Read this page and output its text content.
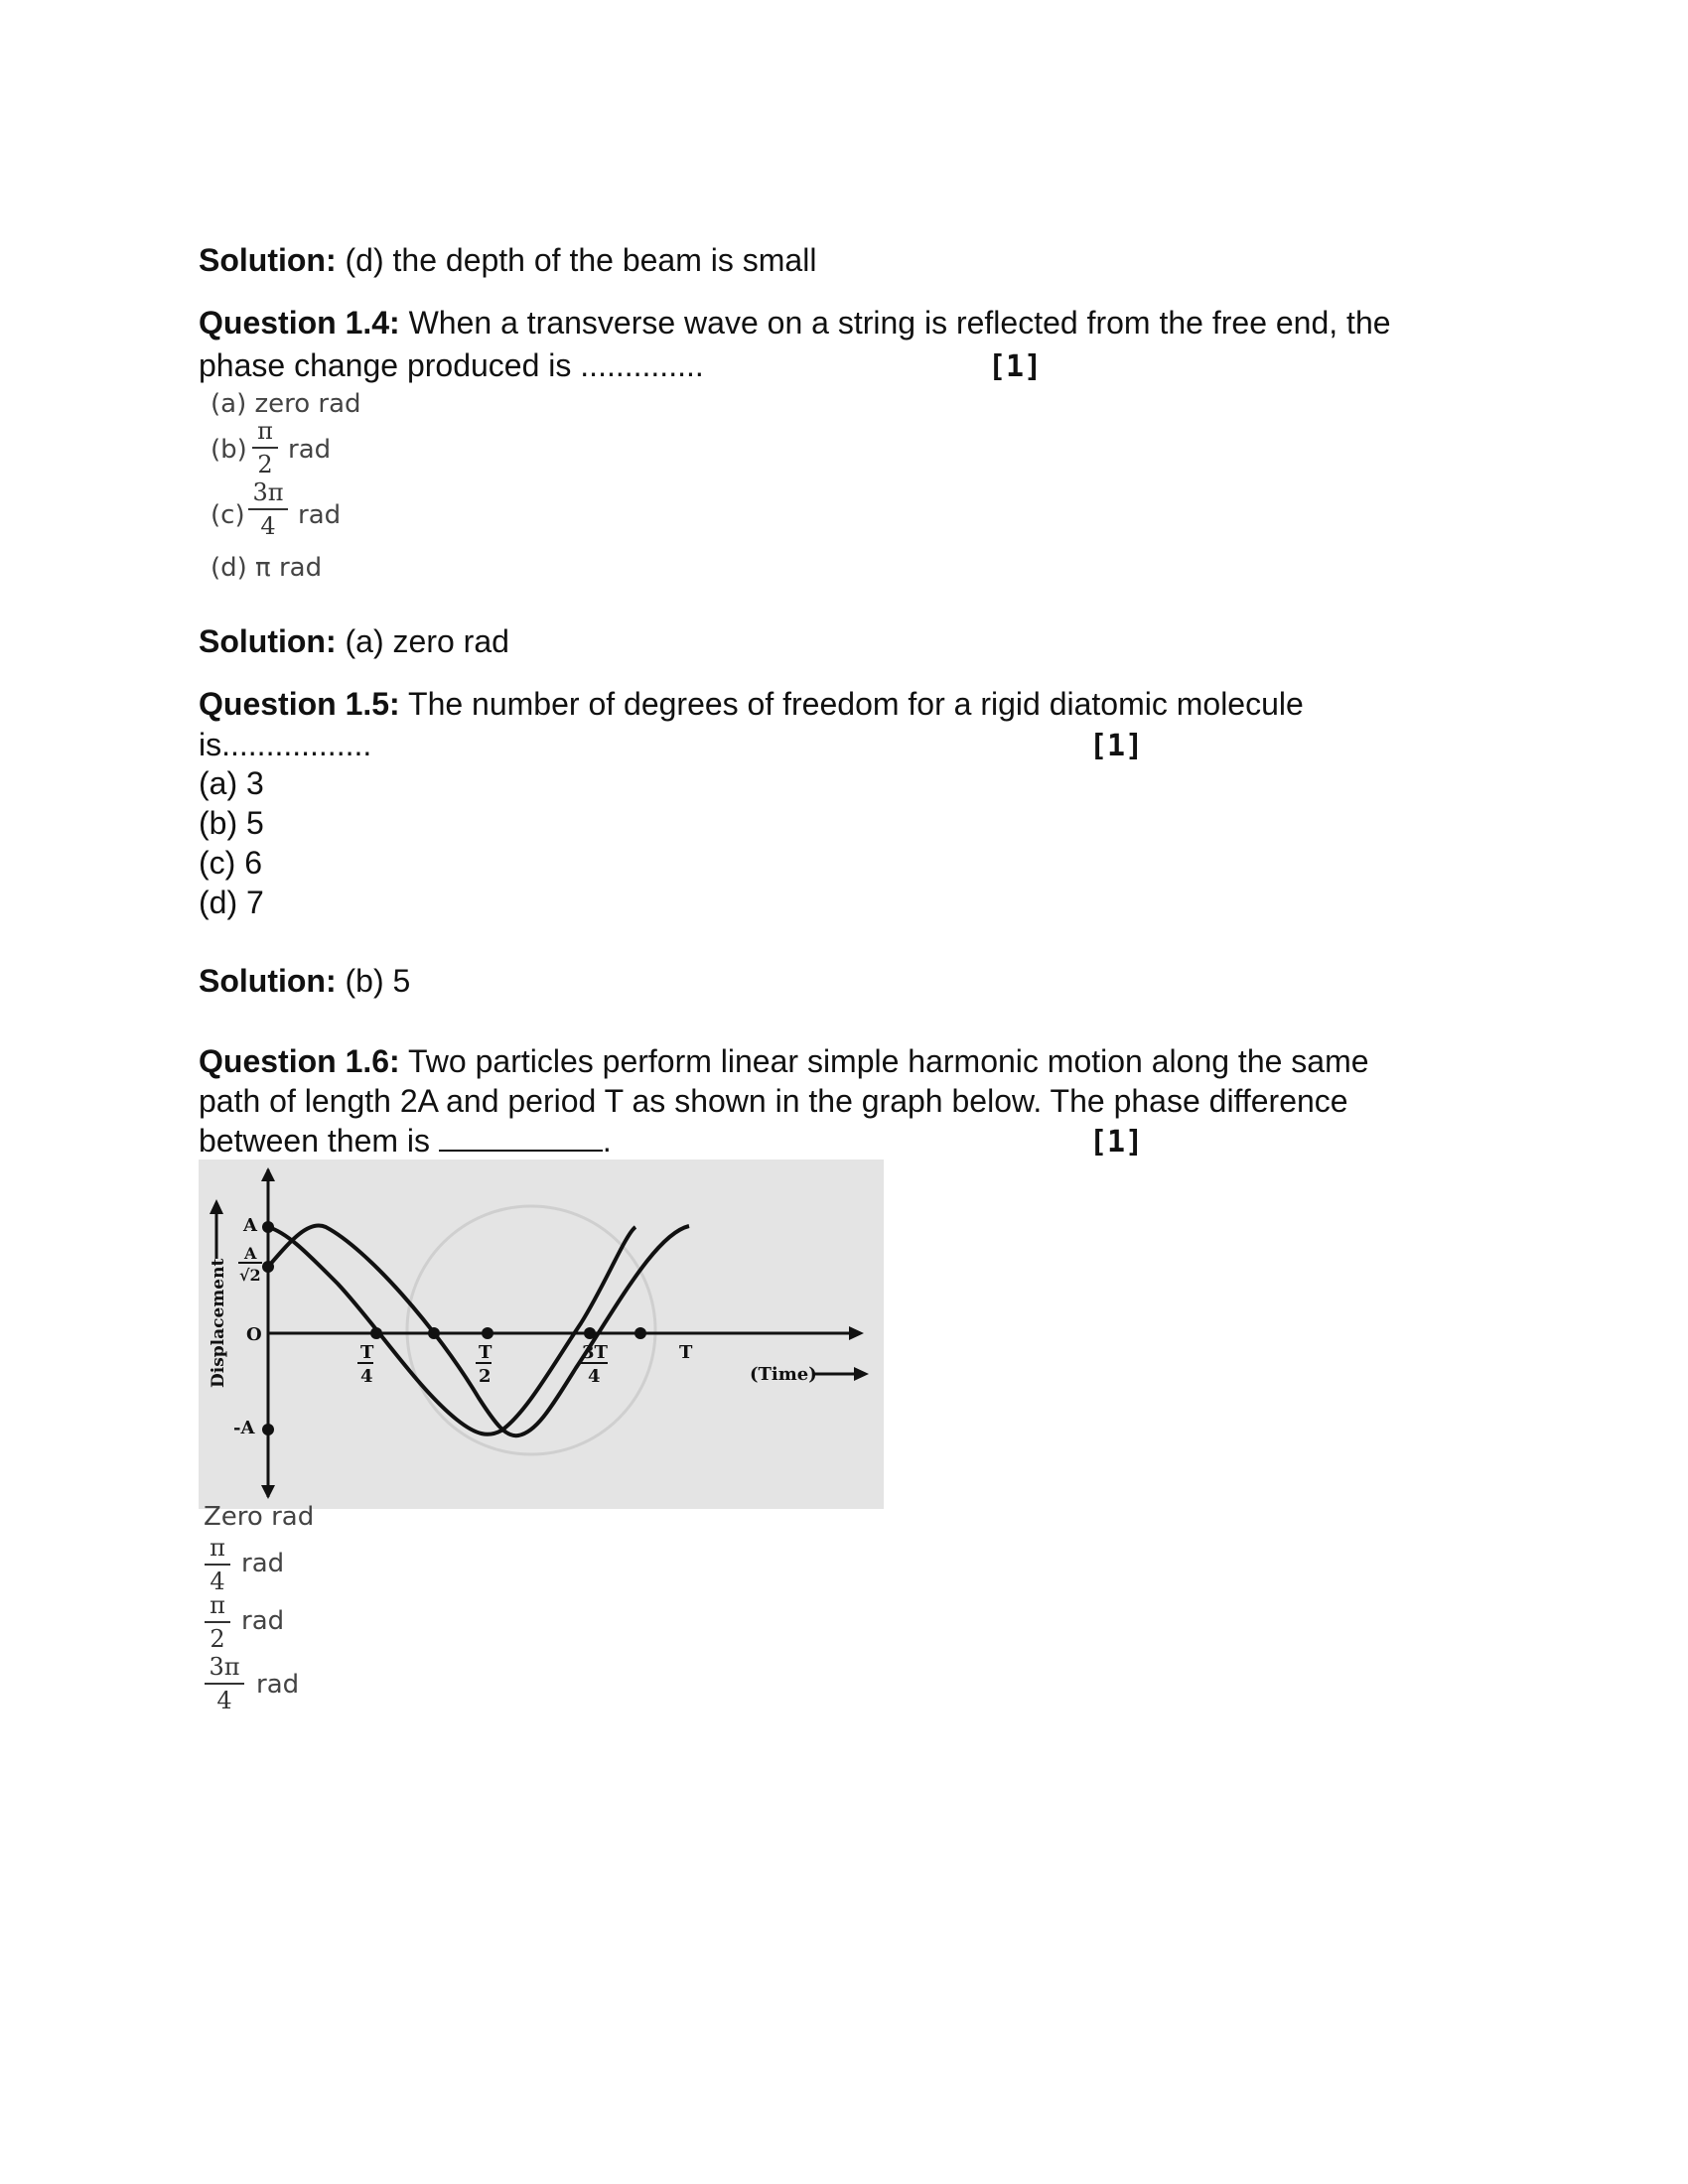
Solution: (d) the depth of the beam is small
Question 1.4: When a transverse wave on a string is reflected from the free end, the
phase change produced is ..............	[1]
(a) zero rad
(b)
π
2 rad
(c)
3π
4 rad
(d) π rad
Solution: (a) zero rad
Question 1.5: The number of degrees of freedom for a rigid diatomic molecule
is.................	[1]
(a) 3
(b) 5
(c) 6
(d) 7
Solution: (b) 5
Question 1.6: Two particles perform linear simple harmonic motion along the same
path of length 2A and period T as shown in the graph below. The phase difference
between them is	.	[1]
T
4
T
2
3T
4
T
A
A
√2
O
-A
Displacement	(Time)
Zero rad
π
4
rad
π
2
rad
3π
4
rad
